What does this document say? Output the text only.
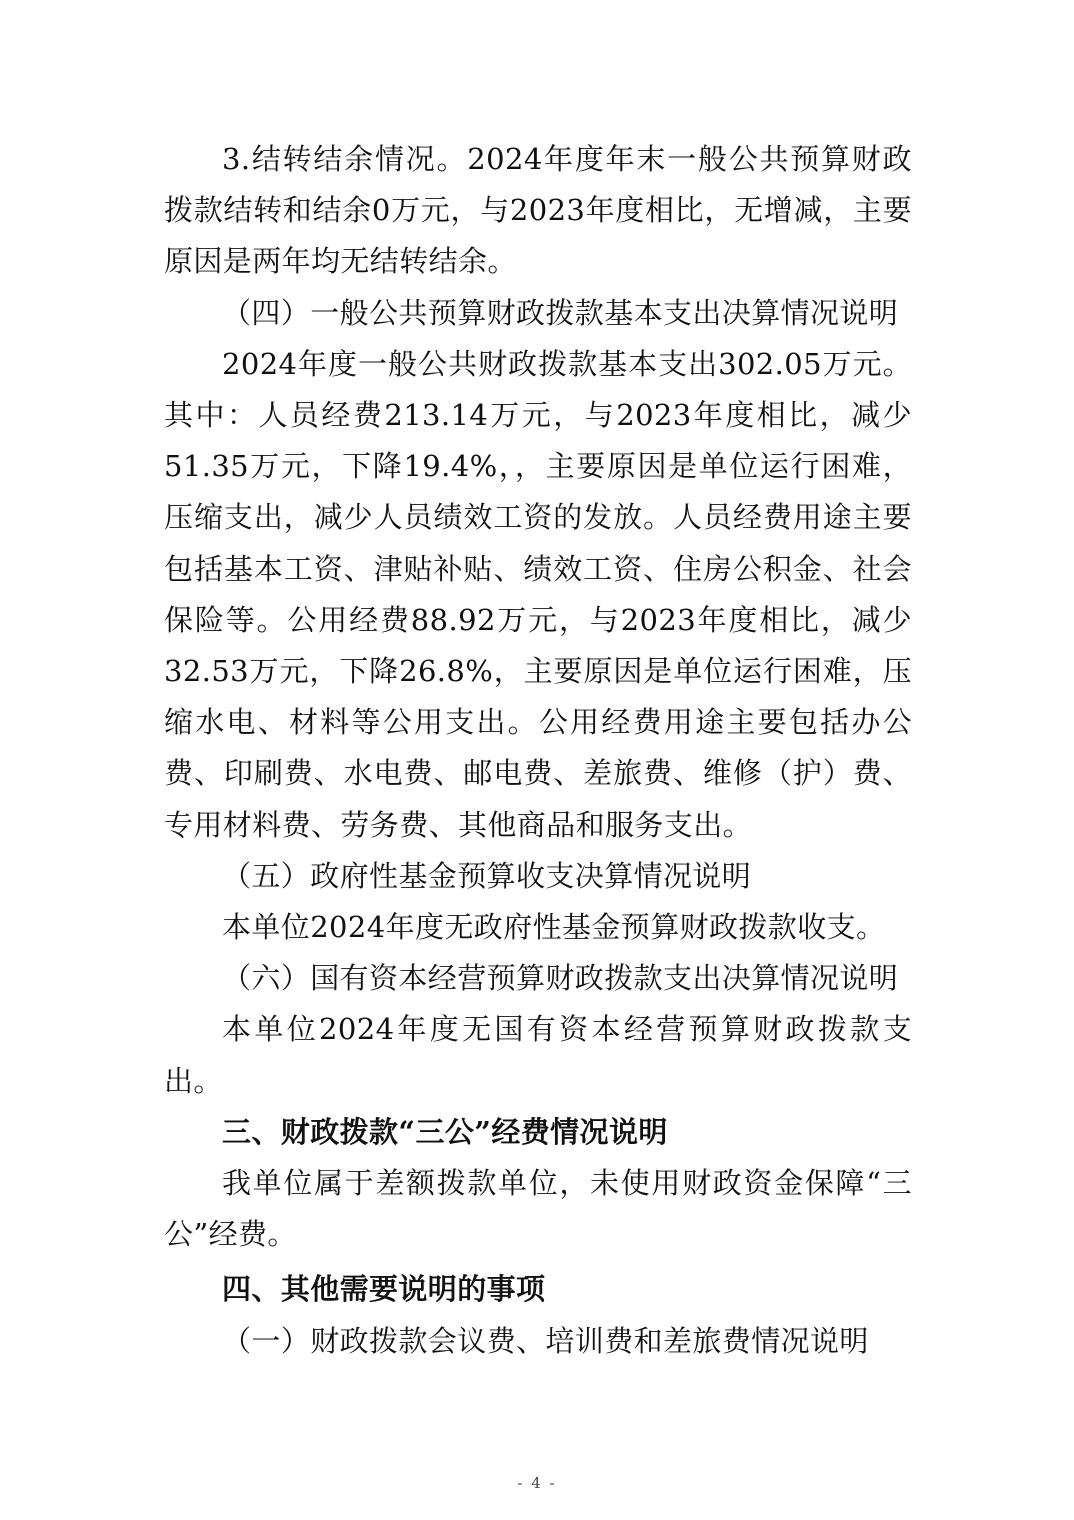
3.结转结余情况。2024年度年末一般公共预算财政拨款结转和结余0万元，与2023年度相比，无增减，主要原因是两年均无结转结余。

（四）一般公共预算财政拨款基本支出决算情况说明

2024年度一般公共财政拨款基本支出302.05万元。其中：人员经费213.14万元，与2023年度相比，减少51.35万元，下降19.4%，，主要原因是单位运行困难，压缩支出，减少人员绩效工资的发放。人员经费用途主要包括基本工资、津贴补贴、绩效工资、住房公积金、社会保险等。公用经费88.92万元，与2023年度相比，减少32.53万元，下降26.8%，主要原因是单位运行困难，压缩水电、材料等公用支出。公用经费用途主要包括办公费、印刷费、水电费、邮电费、差旅费、维修（护）费、专用材料费、劳务费、其他商品和服务支出。

（五）政府性基金预算收支决算情况说明

本单位2024年度无政府性基金预算财政拨款收支。

（六）国有资本经营预算财政拨款支出决算情况说明

本单位2024年度无国有资本经营预算财政拨款支出。

三、财政拨款“三公”经费情况说明

我单位属于差额拨款单位，未使用财政资金保障“三公”经费。

四、其他需要说明的事项

（一）财政拨款会议费、培训费和差旅费情况说明

- 4 -
